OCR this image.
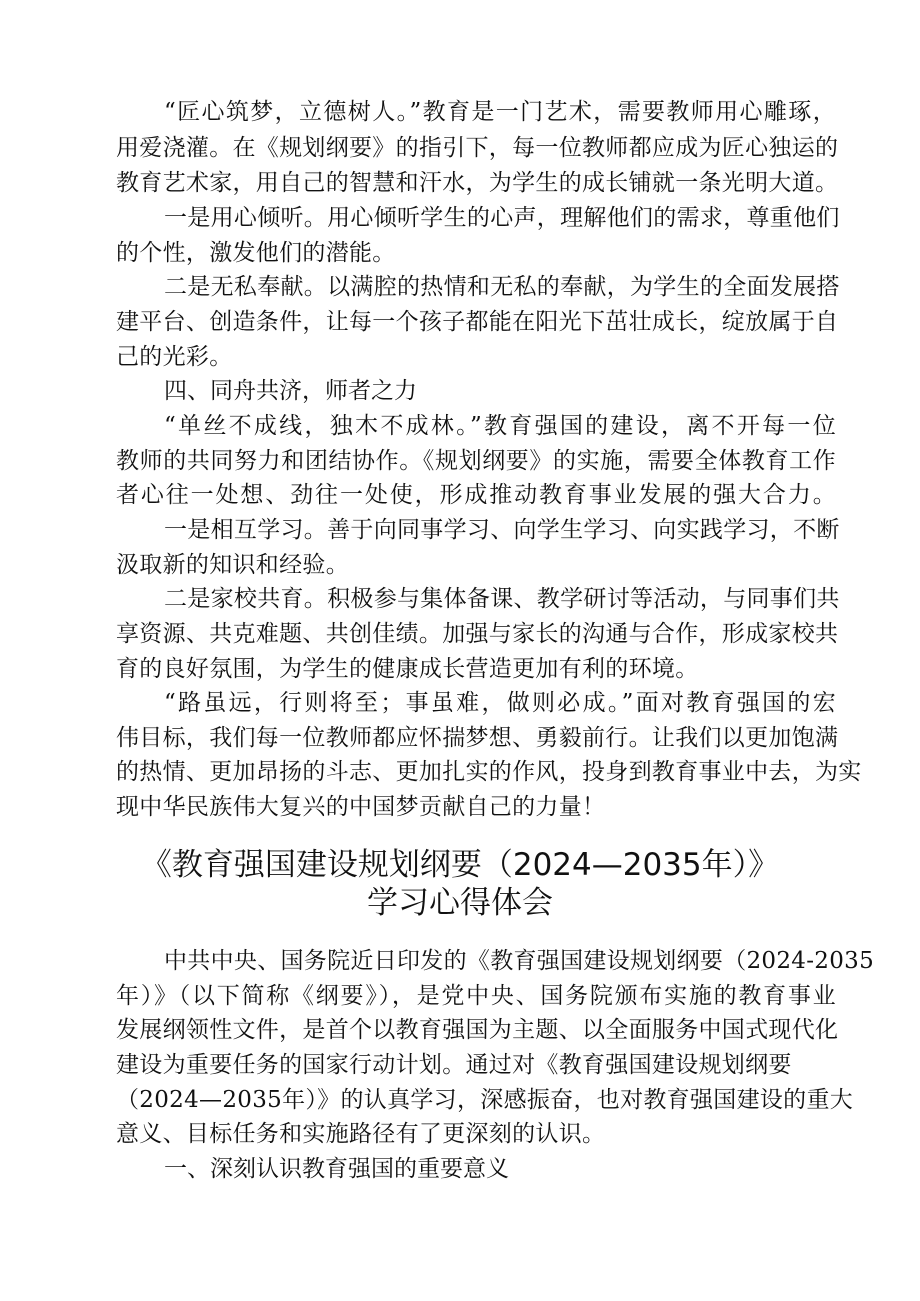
“匠心筑梦，立德树人。”教育是一门艺术，需要教师用心雕琢，
用爱浇灌。在《规划纲要》的指引下，每一位教师都应成为匠心独运的
教育艺术家，用自己的智慧和汗水，为学生的成长铺就一条光明大道。
一是用心倾听。用心倾听学生的心声，理解他们的需求，尊重他们
的个性，激发他们的潜能。
二是无私奉献。以满腔的热情和无私的奉献，为学生的全面发展搭
建平台、创造条件，让每一个孩子都能在阳光下茁壮成长，绽放属于自
己的光彩。
四、同舟共济，师者之力
“单丝不成线，独木不成林。”教育强国的建设，离不开每一位
教师的共同努力和团结协作。《规划纲要》的实施，需要全体教育工作
者心往一处想、劲往一处使，形成推动教育事业发展的强大合力。
一是相互学习。善于向同事学习、向学生学习、向实践学习，不断
汲取新的知识和经验。
二是家校共育。积极参与集体备课、教学研讨等活动，与同事们共
享资源、共克难题、共创佳绩。加强与家长的沟通与合作，形成家校共
育的良好氛围，为学生的健康成长营造更加有利的环境。
“路虽远，行则将至；事虽难，做则必成。”面对教育强国的宏
伟目标，我们每一位教师都应怀揣梦想、勇毅前行。让我们以更加饱满
的热情、更加昂扬的斗志、更加扎实的作风，投身到教育事业中去，为实
现中华民族伟大复兴的中国梦贡献自己的力量！
《教育强国建设规划纲要（2024—2035年）》
学习心得体会
中共中央、国务院近日印发的《教育强国建设规划纲要（2024-2035
年）》（以下简称《纲要》），是党中央、国务院颁布实施的教育事业
发展纲领性文件，是首个以教育强国为主题、以全面服务中国式现代化
建设为重要任务的国家行动计划。通过对《教育强国建设规划纲要
（2024—2035年）》的认真学习，深感振奋，也对教育强国建设的重大
意义、目标任务和实施路径有了更深刻的认识。
一、深刻认识教育强国的重要意义
